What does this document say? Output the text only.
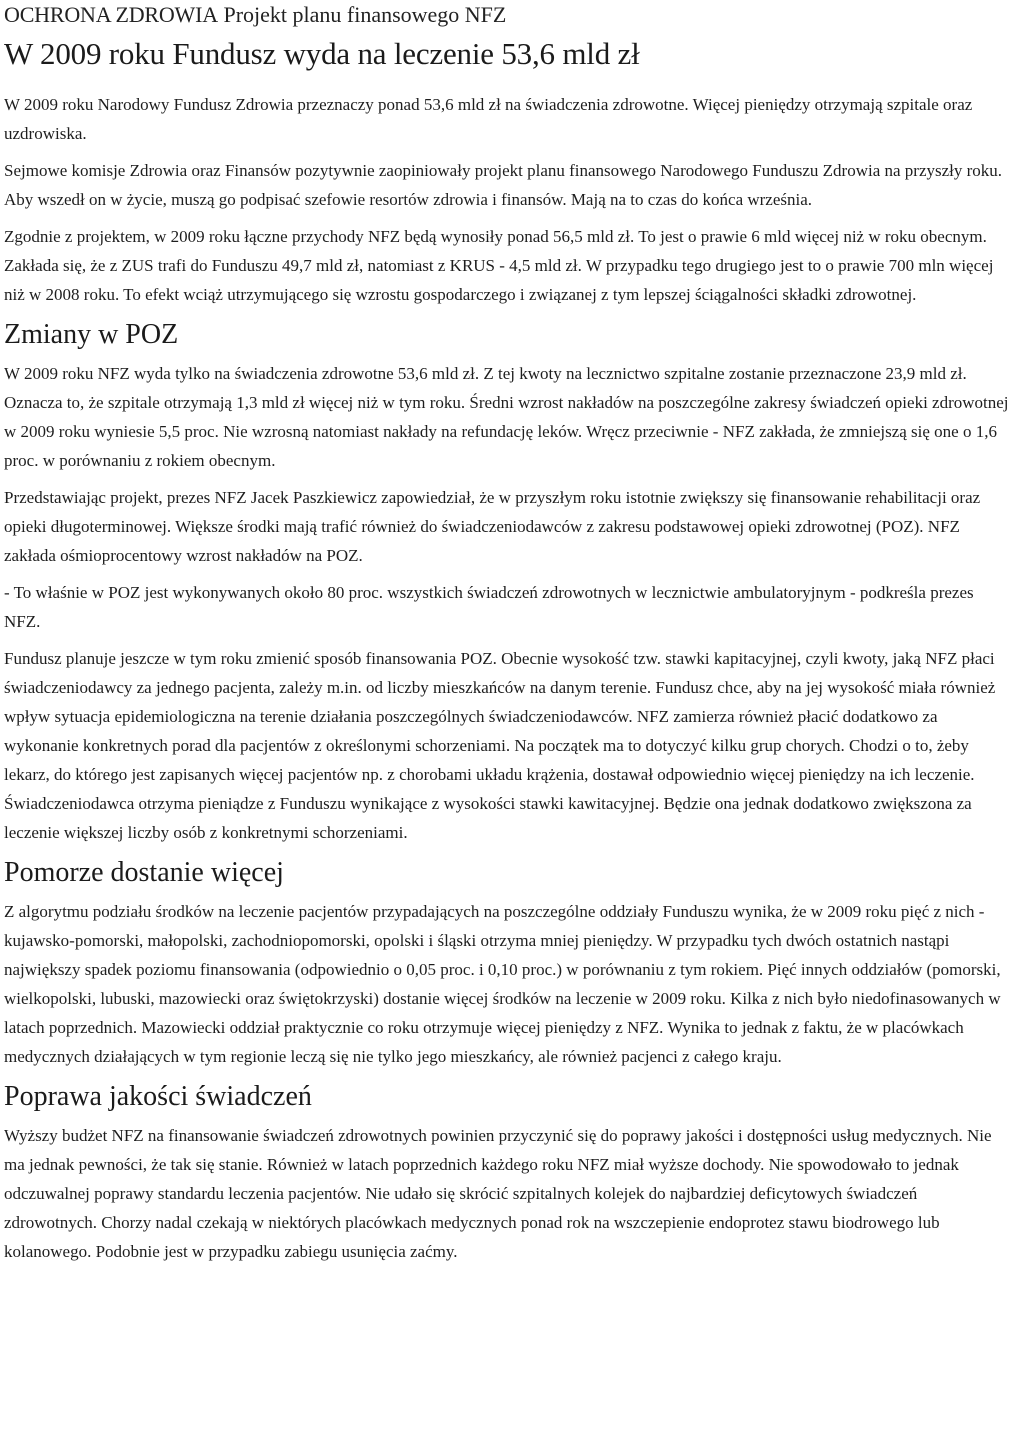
OCHRONA ZDROWIA Projekt planu finansowego NFZ
W 2009 roku Fundusz wyda na leczenie 53,6 mld zł

W 2009 roku Narodowy Fundusz Zdrowia przeznaczy ponad 53,6 mld zł na świadczenia zdrowotne. Więcej pieniędzy otrzymają szpitale oraz uzdrowiska.

Sejmowe komisje Zdrowia oraz Finansów pozytywnie zaopiniowały projekt planu finansowego Narodowego Funduszu Zdrowia na przyszły roku. Aby wszedł on w życie, muszą go podpisać szefowie resortów zdrowia i finansów. Mają na to czas do końca września.

Zgodnie z projektem, w 2009 roku łączne przychody NFZ będą wynosiły ponad 56,5 mld zł. To jest o prawie 6 mld więcej niż w roku obecnym. Zakłada się, że z ZUS trafi do Funduszu 49,7 mld zł, natomiast z KRUS - 4,5 mld zł. W przypadku tego drugiego jest to o prawie 700 mln więcej niż w 2008 roku. To efekt wciąż utrzymującego się wzrostu gospodarczego i związanej z tym lepszej ściągalności składki zdrowotnej.

Zmiany w POZ

W 2009 roku NFZ wyda tylko na świadczenia zdrowotne 53,6 mld zł. Z tej kwoty na lecznictwo szpitalne zostanie przeznaczone 23,9 mld zł. Oznacza to, że szpitale otrzymają 1,3 mld zł więcej niż w tym roku. Średni wzrost nakładów na poszczególne zakresy świadczeń opieki zdrowotnej w 2009 roku wyniesie 5,5 proc. Nie wzrosną natomiast nakłady na refundację leków. Wręcz przeciwnie - NFZ zakłada, że zmniejszą się one o 1,6 proc. w porównaniu z rokiem obecnym.

Przedstawiając projekt, prezes NFZ Jacek Paszkiewicz zapowiedział, że w przyszłym roku istotnie zwiększy się finansowanie rehabilitacji oraz opieki długoterminowej. Większe środki mają trafić również do świadczeniodawców z zakresu podstawowej opieki zdrowotnej (POZ). NFZ zakłada ośmioprocentowy wzrost nakładów na POZ.

- To właśnie w POZ jest wykonywanych około 80 proc. wszystkich świadczeń zdrowotnych w lecznictwie ambulatoryjnym - podkreśla prezes NFZ.

Fundusz planuje jeszcze w tym roku zmienić sposób finansowania POZ. Obecnie wysokość tzw. stawki kapitacyjnej, czyli kwoty, jaką NFZ płaci świadczeniodawcy za jednego pacjenta, zależy m.in. od liczby mieszkańców na danym terenie. Fundusz chce, aby na jej wysokość miała również wpływ sytuacja epidemiologiczna na terenie działania poszczególnych świadczeniodawców. NFZ zamierza również płacić dodatkowo za wykonanie konkretnych porad dla pacjentów z określonymi schorzeniami. Na początek ma to dotyczyć kilku grup chorych. Chodzi o to, żeby lekarz, do którego jest zapisanych więcej pacjentów np. z chorobami układu krążenia, dostawał odpowiednio więcej pieniędzy na ich leczenie. Świadczeniodawca otrzyma pieniądze z Funduszu wynikające z wysokości stawki kawitacyjnej. Będzie ona jednak dodatkowo zwiększona za leczenie większej liczby osób z konkretnymi schorzeniami.

Pomorze dostanie więcej

Z algorytmu podziału środków na leczenie pacjentów przypadających na poszczególne oddziały Funduszu wynika, że w 2009 roku pięć z nich - kujawsko-pomorski, małopolski, zachodniopomorski, opolski i śląski otrzyma mniej pieniędzy. W przypadku tych dwóch ostatnich nastąpi największy spadek poziomu finansowania (odpowiednio o 0,05 proc. i 0,10 proc.) w porównaniu z tym rokiem. Pięć innych oddziałów (pomorski, wielkopolski, lubuski, mazowiecki oraz świętokrzyski) dostanie więcej środków na leczenie w 2009 roku. Kilka z nich było niedofinasowanych w latach poprzednich. Mazowiecki oddział praktycznie co roku otrzymuje więcej pieniędzy z NFZ. Wynika to jednak z faktu, że w placówkach medycznych działających w tym regionie leczą się nie tylko jego mieszkańcy, ale również pacjenci z całego kraju.

Poprawa jakości świadczeń

Wyższy budżet NFZ na finansowanie świadczeń zdrowotnych powinien przyczynić się do poprawy jakości i dostępności usług medycznych. Nie ma jednak pewności, że tak się stanie. Również w latach poprzednich każdego roku NFZ miał wyższe dochody. Nie spowodowało to jednak odczuwalnej poprawy standardu leczenia pacjentów. Nie udało się skrócić szpitalnych kolejek do najbardziej deficytowych świadczeń zdrowotnych. Chorzy nadal czekają w niektórych placówkach medycznych ponad rok na wszczepienie endoprotez stawu biodrowego lub kolanowego. Podobnie jest w przypadku zabiegu usunięcia zaćmy.
